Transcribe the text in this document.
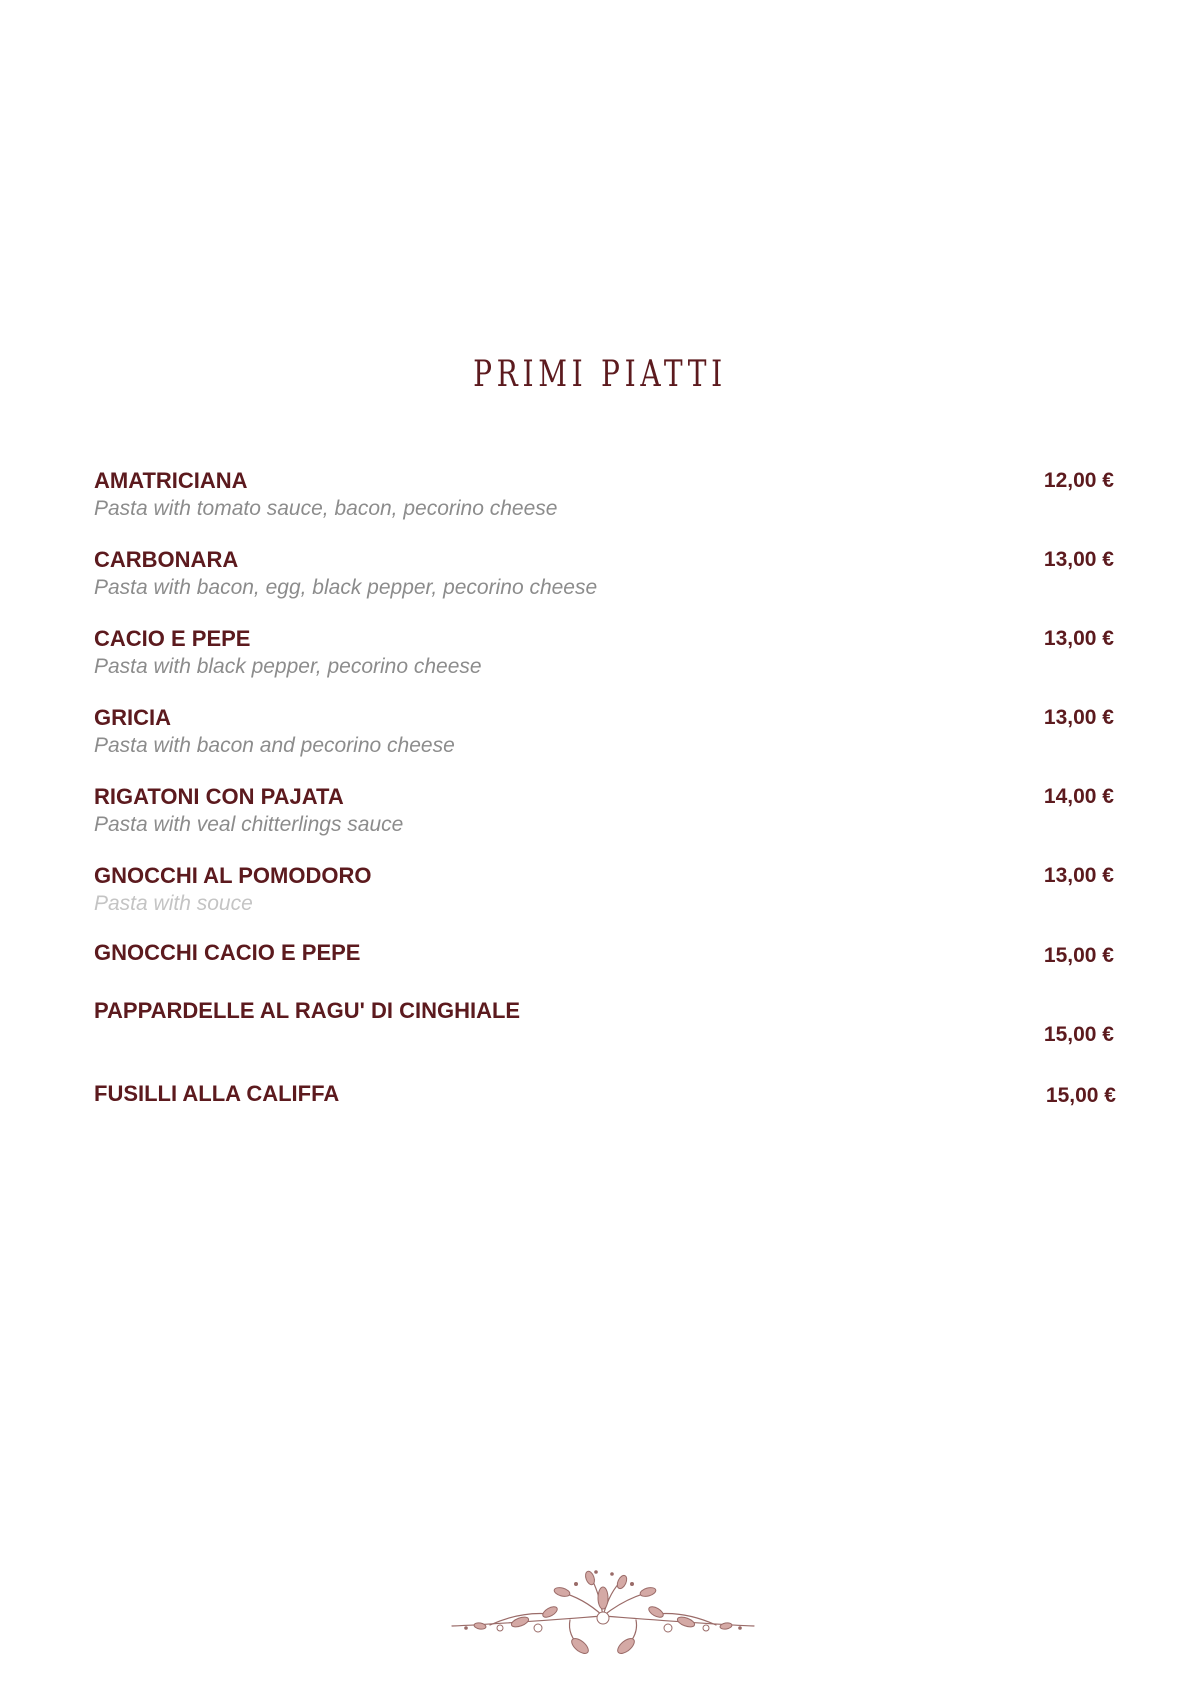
PRIMI PIATTI
AMATRICIANA
Pasta with tomato sauce, bacon, pecorino cheese
12,00 €
CARBONARA
Pasta with bacon, egg, black pepper, pecorino cheese
13,00 €
CACIO E PEPE
Pasta with black pepper, pecorino cheese
13,00 €
GRICIA
Pasta with bacon and pecorino cheese
13,00 €
RIGATONI CON PAJATA
Pasta with veal chitterlings sauce
14,00 €
GNOCCHI AL POMODORO
Pasta with souce
13,00 €
GNOCCHI CACIO E PEPE	15,00 €
PAPPARDELLE AL RAGU' DI CINGHIALE
15,00 €
FUSILLI ALLA CALIFFA	15,00 €
